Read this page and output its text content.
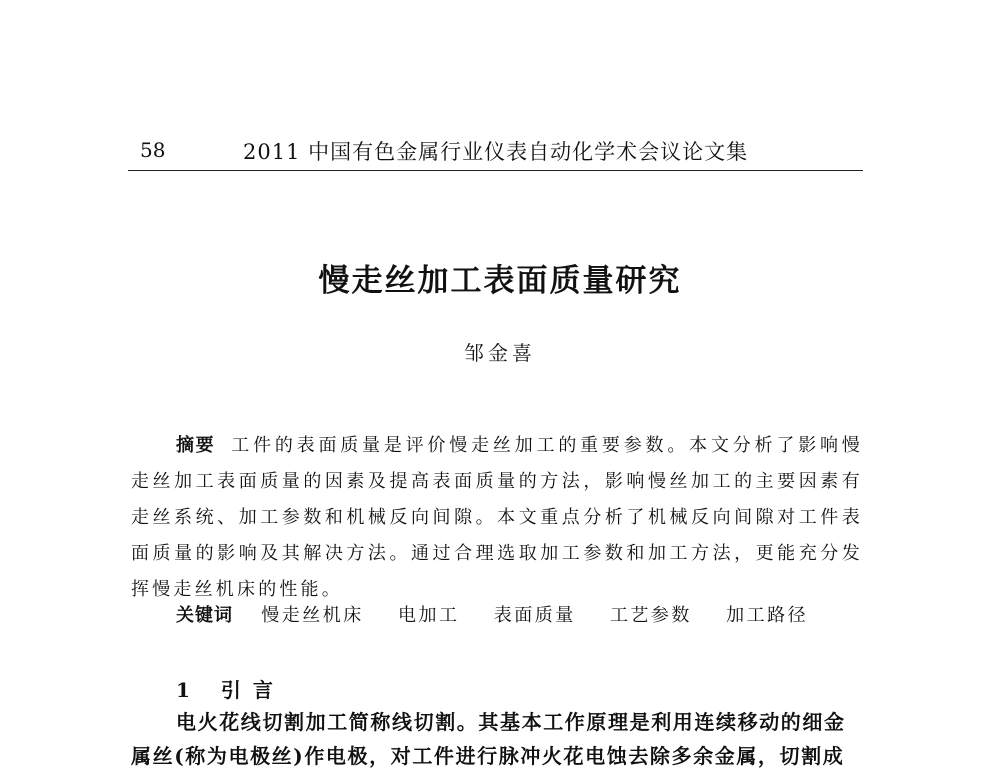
58	2011 中国有色金属行业仪表自动化学术会议论文集
慢走丝加工表面质量研究
邹金喜

摘要 工件的表面质量是评价慢走丝加工的重要参数。本文分析了影响慢走丝加工表面质量的因素及提高表面质量的方法，影响慢丝加工的主要因素有走丝系统、加工参数和机械反向间隙。本文重点分析了机械反向间隙对工件表面质量的影响及其解决方法。通过合理选取加工参数和加工方法，更能充分发挥慢走丝机床的性能。

关键词 慢走丝机床 电加工 表面质量 工艺参数 加工路径
1 引言
电火花线切割加工简称线切割。其基本工作原理是利用连续移动的细金
属丝(称为电极丝)作电极，对工件进行脉冲火花电蚀去除多余金属，切割成
